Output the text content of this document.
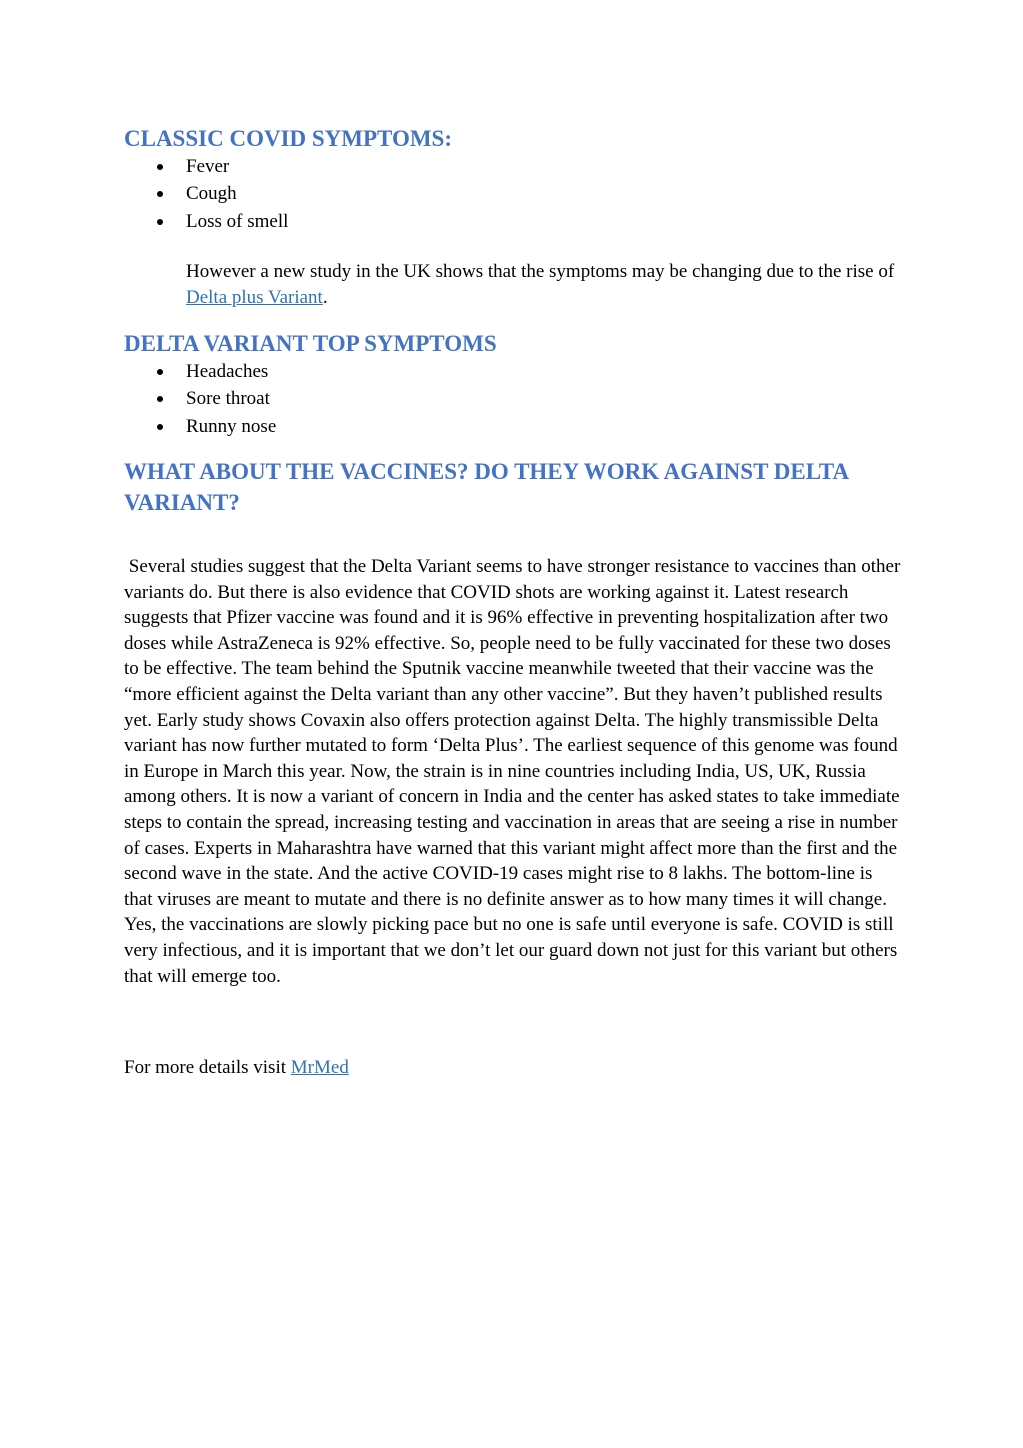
CLASSIC COVID SYMPTOMS:
Fever
Cough
Loss of smell

However a new study in the UK shows that the symptoms may be changing due to the rise of Delta plus Variant.

DELTA VARIANT TOP SYMPTOMS
Headaches
Sore throat
Runny nose
WHAT ABOUT THE VACCINES? DO THEY WORK AGAINST DELTA
VARIANT?

Several studies suggest that the Delta Variant seems to have stronger resistance to vaccines than other variants do. But there is also evidence that COVID shots are working against it. Latest research suggests that Pfizer vaccine was found and it is 96% effective in preventing hospitalization after two doses while AstraZeneca is 92% effective. So, people need to be fully vaccinated for these two doses to be effective. The team behind the Sputnik vaccine meanwhile tweeted that their vaccine was the “more efficient against the Delta variant than any other vaccine”. But they haven’t published results yet. Early study shows Covaxin also offers protection against Delta. The highly transmissible Delta variant has now further mutated to form ‘Delta Plus’. The earliest sequence of this genome was found in Europe in March this year. Now, the strain is in nine countries including India, US, UK, Russia among others. It is now a variant of concern in India and the center has asked states to take immediate steps to contain the spread, increasing testing and vaccination in areas that are seeing a rise in number of cases. Experts in Maharashtra have warned that this variant might affect more than the first and the second wave in the state. And the active COVID-19 cases might rise to 8 lakhs. The bottom-line is that viruses are meant to mutate and there is no definite answer as to how many times it will change. Yes, the vaccinations are slowly picking pace but no one is safe until everyone is safe. COVID is still very infectious, and it is important that we don’t let our guard down not just for this variant but others that will emerge too.

For more details visit MrMed
